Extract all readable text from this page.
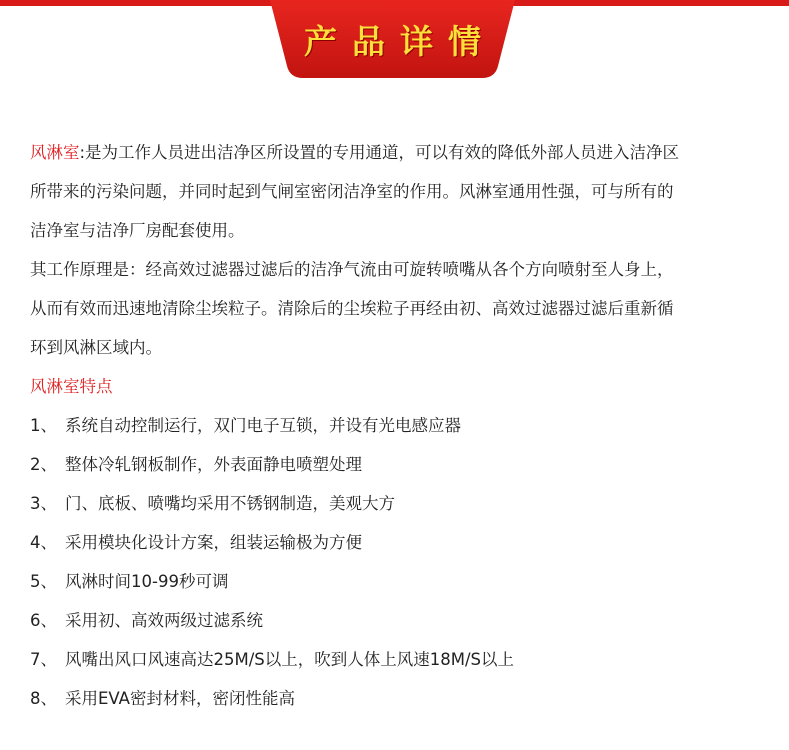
产品详情
风淋室:是为工作人员进出洁净区所设置的专用通道，可以有效的降低外部人员进入洁净区
所带来的污染问题，并同时起到气闸室密闭洁净室的作用。风淋室通用性强，可与所有的
洁净室与洁净厂房配套使用。
其工作原理是：经高效过滤器过滤后的洁净气流由可旋转喷嘴从各个方向喷射至人身上，
从而有效而迅速地清除尘埃粒子。清除后的尘埃粒子再经由初、高效过滤器过滤后重新循
环到风淋区域内。
风淋室特点
1、 系统自动控制运行，双门电子互锁，并设有光电感应器
2、 整体冷轧钢板制作，外表面静电喷塑处理
3、 门、底板、喷嘴均采用不锈钢制造，美观大方
4、 采用模块化设计方案，组装运输极为方便
5、 风淋时间10-99秒可调
6、 采用初、高效两级过滤系统
7、 风嘴出风口风速高达25M/S以上，吹到人体上风速18M/S以上
8、 采用EVA密封材料，密闭性能高
